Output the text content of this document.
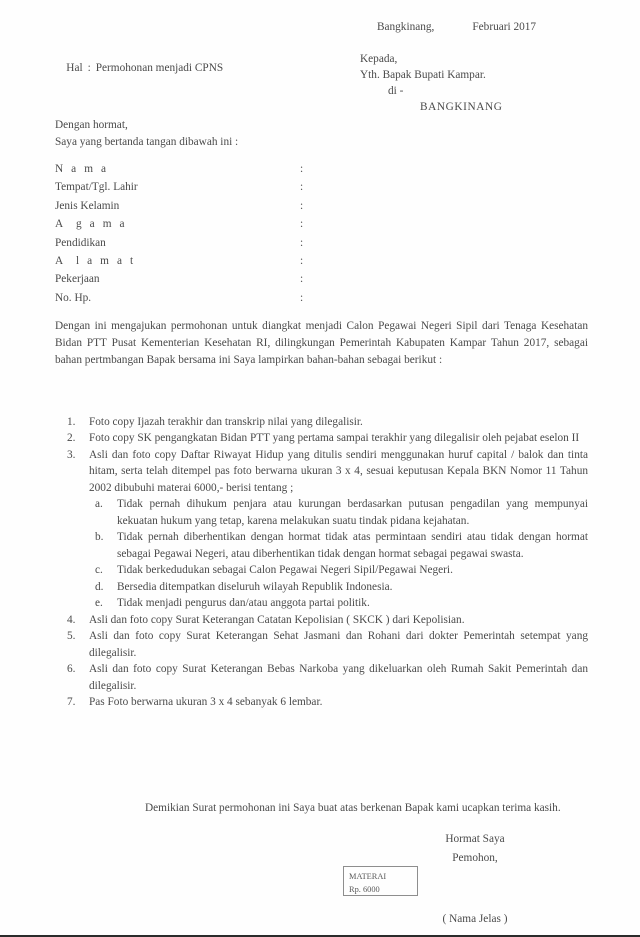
Bangkinang,	Februari 2017

Kepada,
Yth. Bapak Bupati Kampar.
di -
BANGKINANG

Hal : Permohonan menjadi CPNS

Dengan hormat,
Saya yang bertanda tangan dibawah ini :
N a m a	:
Tempat/Tgl. Lahir	:
Jenis Kelamin	:
A  g a m a	:
Pendidikan	:
A  l a m a t	:
Pekerjaan	:
No. Hp.	:
Dengan ini mengajukan permohonan untuk diangkat menjadi Calon Pegawai Negeri Sipil dari Tenaga Kesehatan Bidan PTT Pusat Kementerian Kesehatan RI, dilingkungan Pemerintah Kabupaten Kampar Tahun 2017, sebagai bahan pertmbangan Bapak bersama ini Saya lampirkan bahan-bahan sebagai berikut :
1.	Foto copy Ijazah terakhir dan transkrip nilai yang dilegalisir.
2.	Foto copy SK pengangkatan Bidan PTT yang pertama sampai terakhir yang dilegalisir oleh pejabat eselon II
3.	Asli dan foto copy Daftar Riwayat Hidup yang ditulis sendiri menggunakan huruf capital / balok dan tinta hitam, serta telah ditempel pas foto berwarna ukuran 3 x 4, sesuai keputusan Kepala BKN Nomor 11 Tahun 2002 dibubuhi materai 6000,- berisi tentang ;
a.	Tidak pernah dihukum penjara atau kurungan berdasarkan putusan pengadilan yang mempunyai kekuatan hukum yang tetap, karena melakukan suatu tindak pidana kejahatan.
b.	Tidak pernah diberhentikan dengan hormat tidak atas permintaan sendiri atau tidak dengan hormat sebagai Pegawai Negeri, atau diberhentikan tidak dengan hormat sebagai pegawai swasta.
c.	Tidak berkedudukan sebagai Calon Pegawai Negeri Sipil/Pegawai Negeri.
d.	Bersedia ditempatkan diseluruh wilayah Republik Indonesia.
e.	Tidak menjadi pengurus dan/atau anggota partai politik.
4.	Asli dan foto copy Surat Keterangan Catatan Kepolisian ( SKCK ) dari Kepolisian.
5.	Asli dan foto copy Surat Keterangan Sehat Jasmani dan Rohani dari dokter Pemerintah setempat yang dilegalisir.
6.	Asli dan foto copy Surat Keterangan Bebas Narkoba yang dikeluarkan oleh Rumah Sakit Pemerintah dan dilegalisir.
7.	Pas Foto berwarna ukuran 3 x 4 sebanyak 6 lembar.
Demikian Surat permohonan ini Saya buat atas berkenan Bapak kami ucapkan terima kasih.
Hormat Saya
Pemohon,
MATERAI
Rp. 6000
( Nama Jelas )
